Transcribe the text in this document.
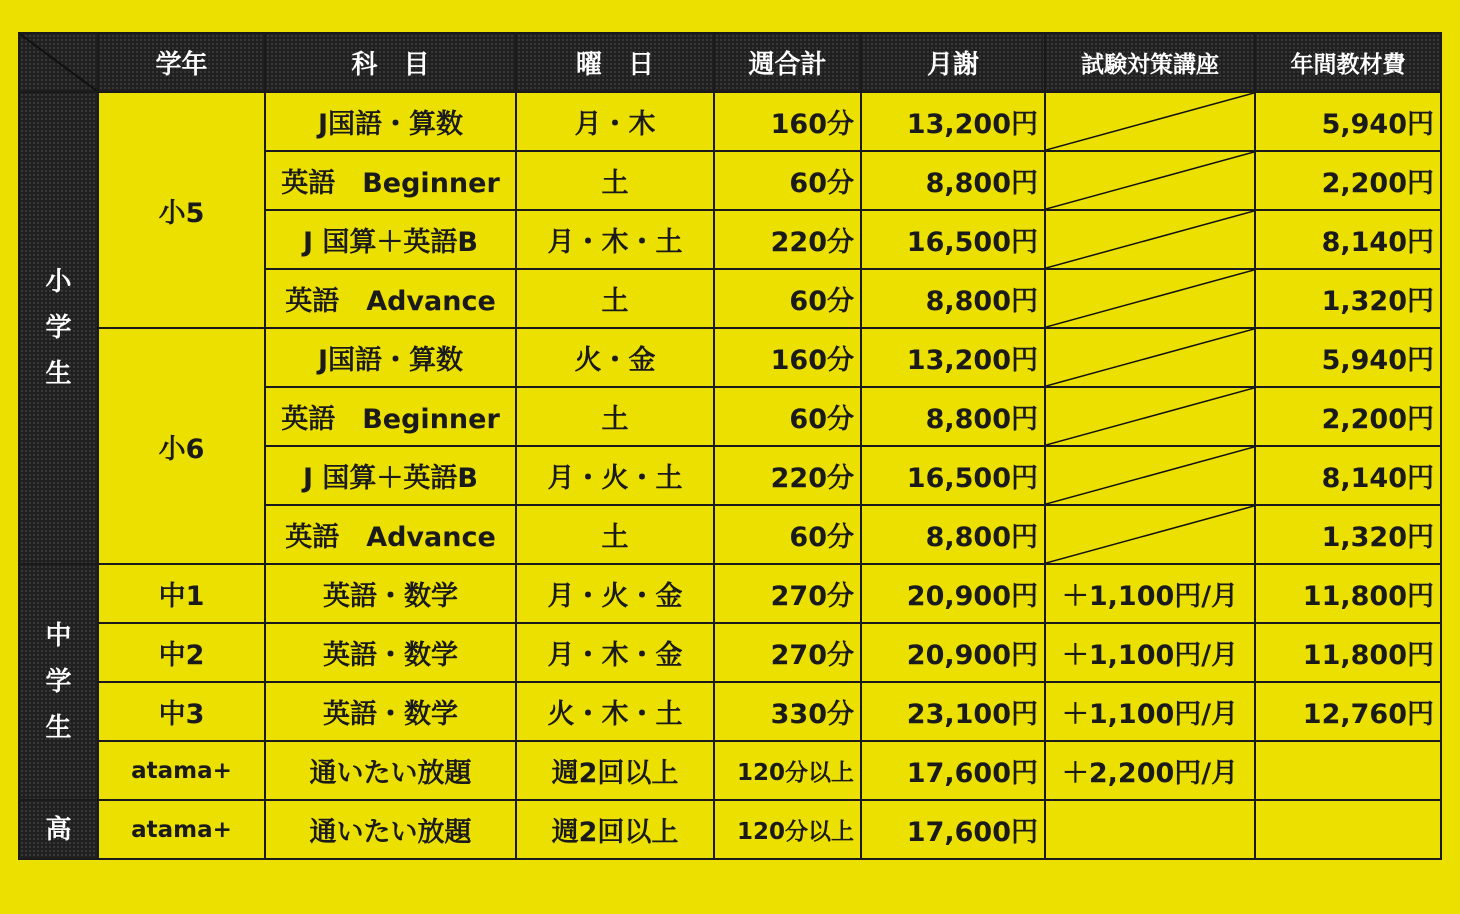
	学年	科　目	曜　日	週合計	月謝	試験対策講座	年間教材費
小
学
生	小5	J国語・算数	月・木	160分	13,200円		5,940円
		英語　Beginner	土	60分	8,800円		2,200円
		J 国算＋英語B	月・木・土	220分	16,500円		8,140円
		英語　Advance	土	60分	8,800円		1,320円
	小6	J国語・算数	火・金	160分	13,200円		5,940円
		英語　Beginner	土	60分	8,800円		2,200円
		J 国算＋英語B	月・火・土	220分	16,500円		8,140円
		英語　Advance	土	60分	8,800円		1,320円
中
学
生	中1	英語・数学	月・火・金	270分	20,900円	＋1,100円/月	11,800円
	中2	英語・数学	月・木・金	270分	20,900円	＋1,100円/月	11,800円
	中3	英語・数学	火・木・土	330分	23,100円	＋1,100円/月	12,760円
	atama+	通いたい放題	週2回以上	120分以上	17,600円	＋2,200円/月	
高	atama+	通いたい放題	週2回以上	120分以上	17,600円		
